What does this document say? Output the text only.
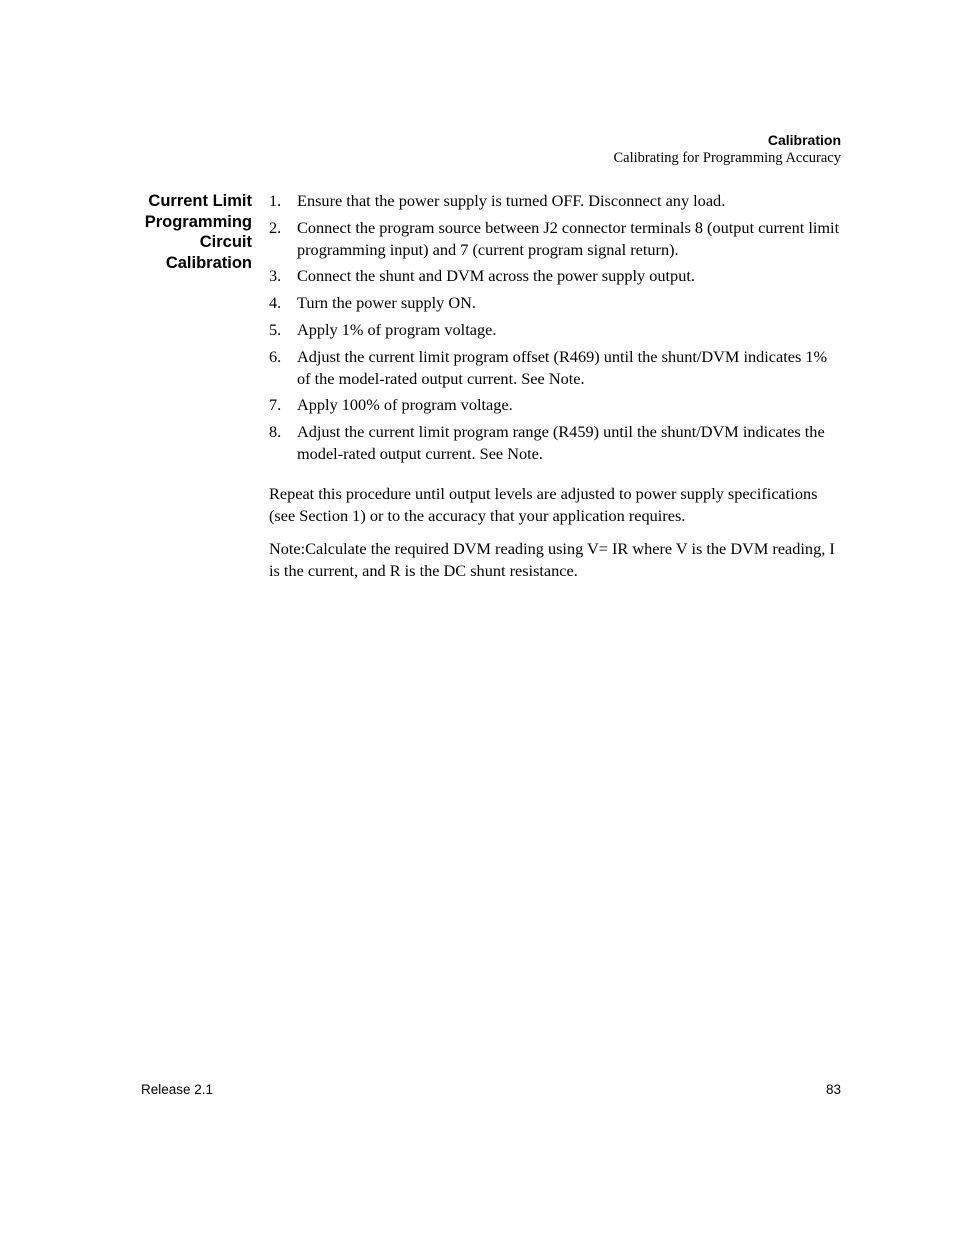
Calibration
Calibrating for Programming Accuracy
Current Limit
Programming
Circuit
Calibration
1. Ensure that the power supply is turned OFF. Disconnect any load.
2. Connect the program source between J2 connector terminals 8 (output current limit programming input) and 7 (current program signal return).
3. Connect the shunt and DVM across the power supply output.
4. Turn the power supply ON.
5. Apply 1% of program voltage.
6. Adjust the current limit program offset (R469) until the shunt/DVM indicates 1% of the model-rated output current. See Note.
7. Apply 100% of program voltage.
8. Adjust the current limit program range (R459) until the shunt/DVM indicates the model-rated output current. See Note.

Repeat this procedure until output levels are adjusted to power supply specifications (see Section 1) or to the accuracy that your application requires.

Note:Calculate the required DVM reading using V= IR where V is the DVM reading, I is the current, and R is the DC shunt resistance.

Release 2.1	83
